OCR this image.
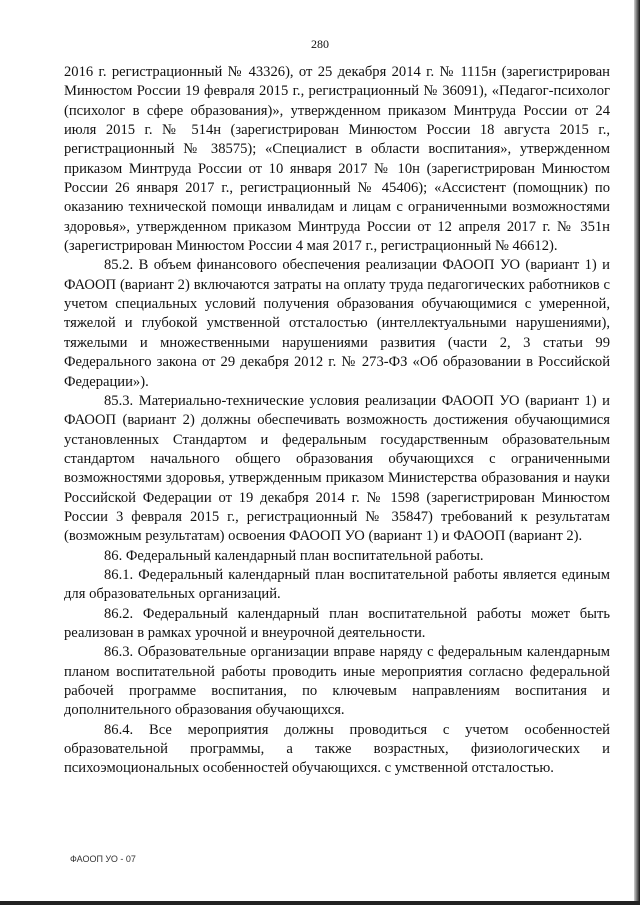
280

2016 г. регистрационный № 43326), от 25 декабря 2014 г. № 1115н (зарегистрирован Минюстом России 19 февраля 2015 г., регистрационный № 36091), «Педагог-психолог (психолог в сфере образования)», утвержденном приказом Минтруда России от 24 июля 2015 г. № 514н (зарегистрирован Минюстом России 18 августа 2015 г., регистрационный № 38575); «Специалист в области воспитания», утвержденном приказом Минтруда России от 10 января 2017 № 10н (зарегистрирован Минюстом России 26 января 2017 г., регистрационный № 45406); «Ассистент (помощник) по оказанию технической помощи инвалидам и лицам с ограниченными возможностями здоровья», утвержденном приказом Минтруда России от 12 апреля 2017 г. № 351н (зарегистрирован Минюстом России 4 мая 2017 г., регистрационный № 46612).

85.2. В объем финансового обеспечения реализации ФАООП УО (вариант 1) и ФАООП (вариант 2) включаются затраты на оплату труда педагогических работников с учетом специальных условий получения образования обучающимися с умеренной, тяжелой и глубокой умственной отсталостью (интеллектуальными нарушениями), тяжелыми и множественными нарушениями развития (части 2, 3 статьи 99 Федерального закона от 29 декабря 2012 г. № 273-ФЗ «Об образовании в Российской Федерации»).

85.3. Материально-технические условия реализации ФАООП УО (вариант 1) и ФАООП (вариант 2) должны обеспечивать возможность достижения обучающимися установленных Стандартом и федеральным государственным образовательным стандартом начального общего образования обучающихся с ограниченными возможностями здоровья, утвержденным приказом Министерства образования и науки Российской Федерации от 19 декабря 2014 г. № 1598 (зарегистрирован Минюстом России 3 февраля 2015 г., регистрационный № 35847) требований к результатам (возможным результатам) освоения ФАООП УО (вариант 1) и ФАООП (вариант 2).

86. Федеральный календарный план воспитательной работы.

86.1. Федеральный календарный план воспитательной работы является единым для образовательных организаций.

86.2. Федеральный календарный план воспитательной работы может быть реализован в рамках урочной и внеурочной деятельности.

86.3. Образовательные организации вправе наряду с федеральным календарным планом воспитательной работы проводить иные мероприятия согласно федеральной рабочей программе воспитания, по ключевым направлениям воспитания и дополнительного образования обучающихся.

86.4. Все мероприятия должны проводиться с учетом особенностей образовательной программы, а также возрастных, физиологических и психоэмоциональных особенностей обучающихся. с умственной отсталостью.

ФАООП УО - 07
